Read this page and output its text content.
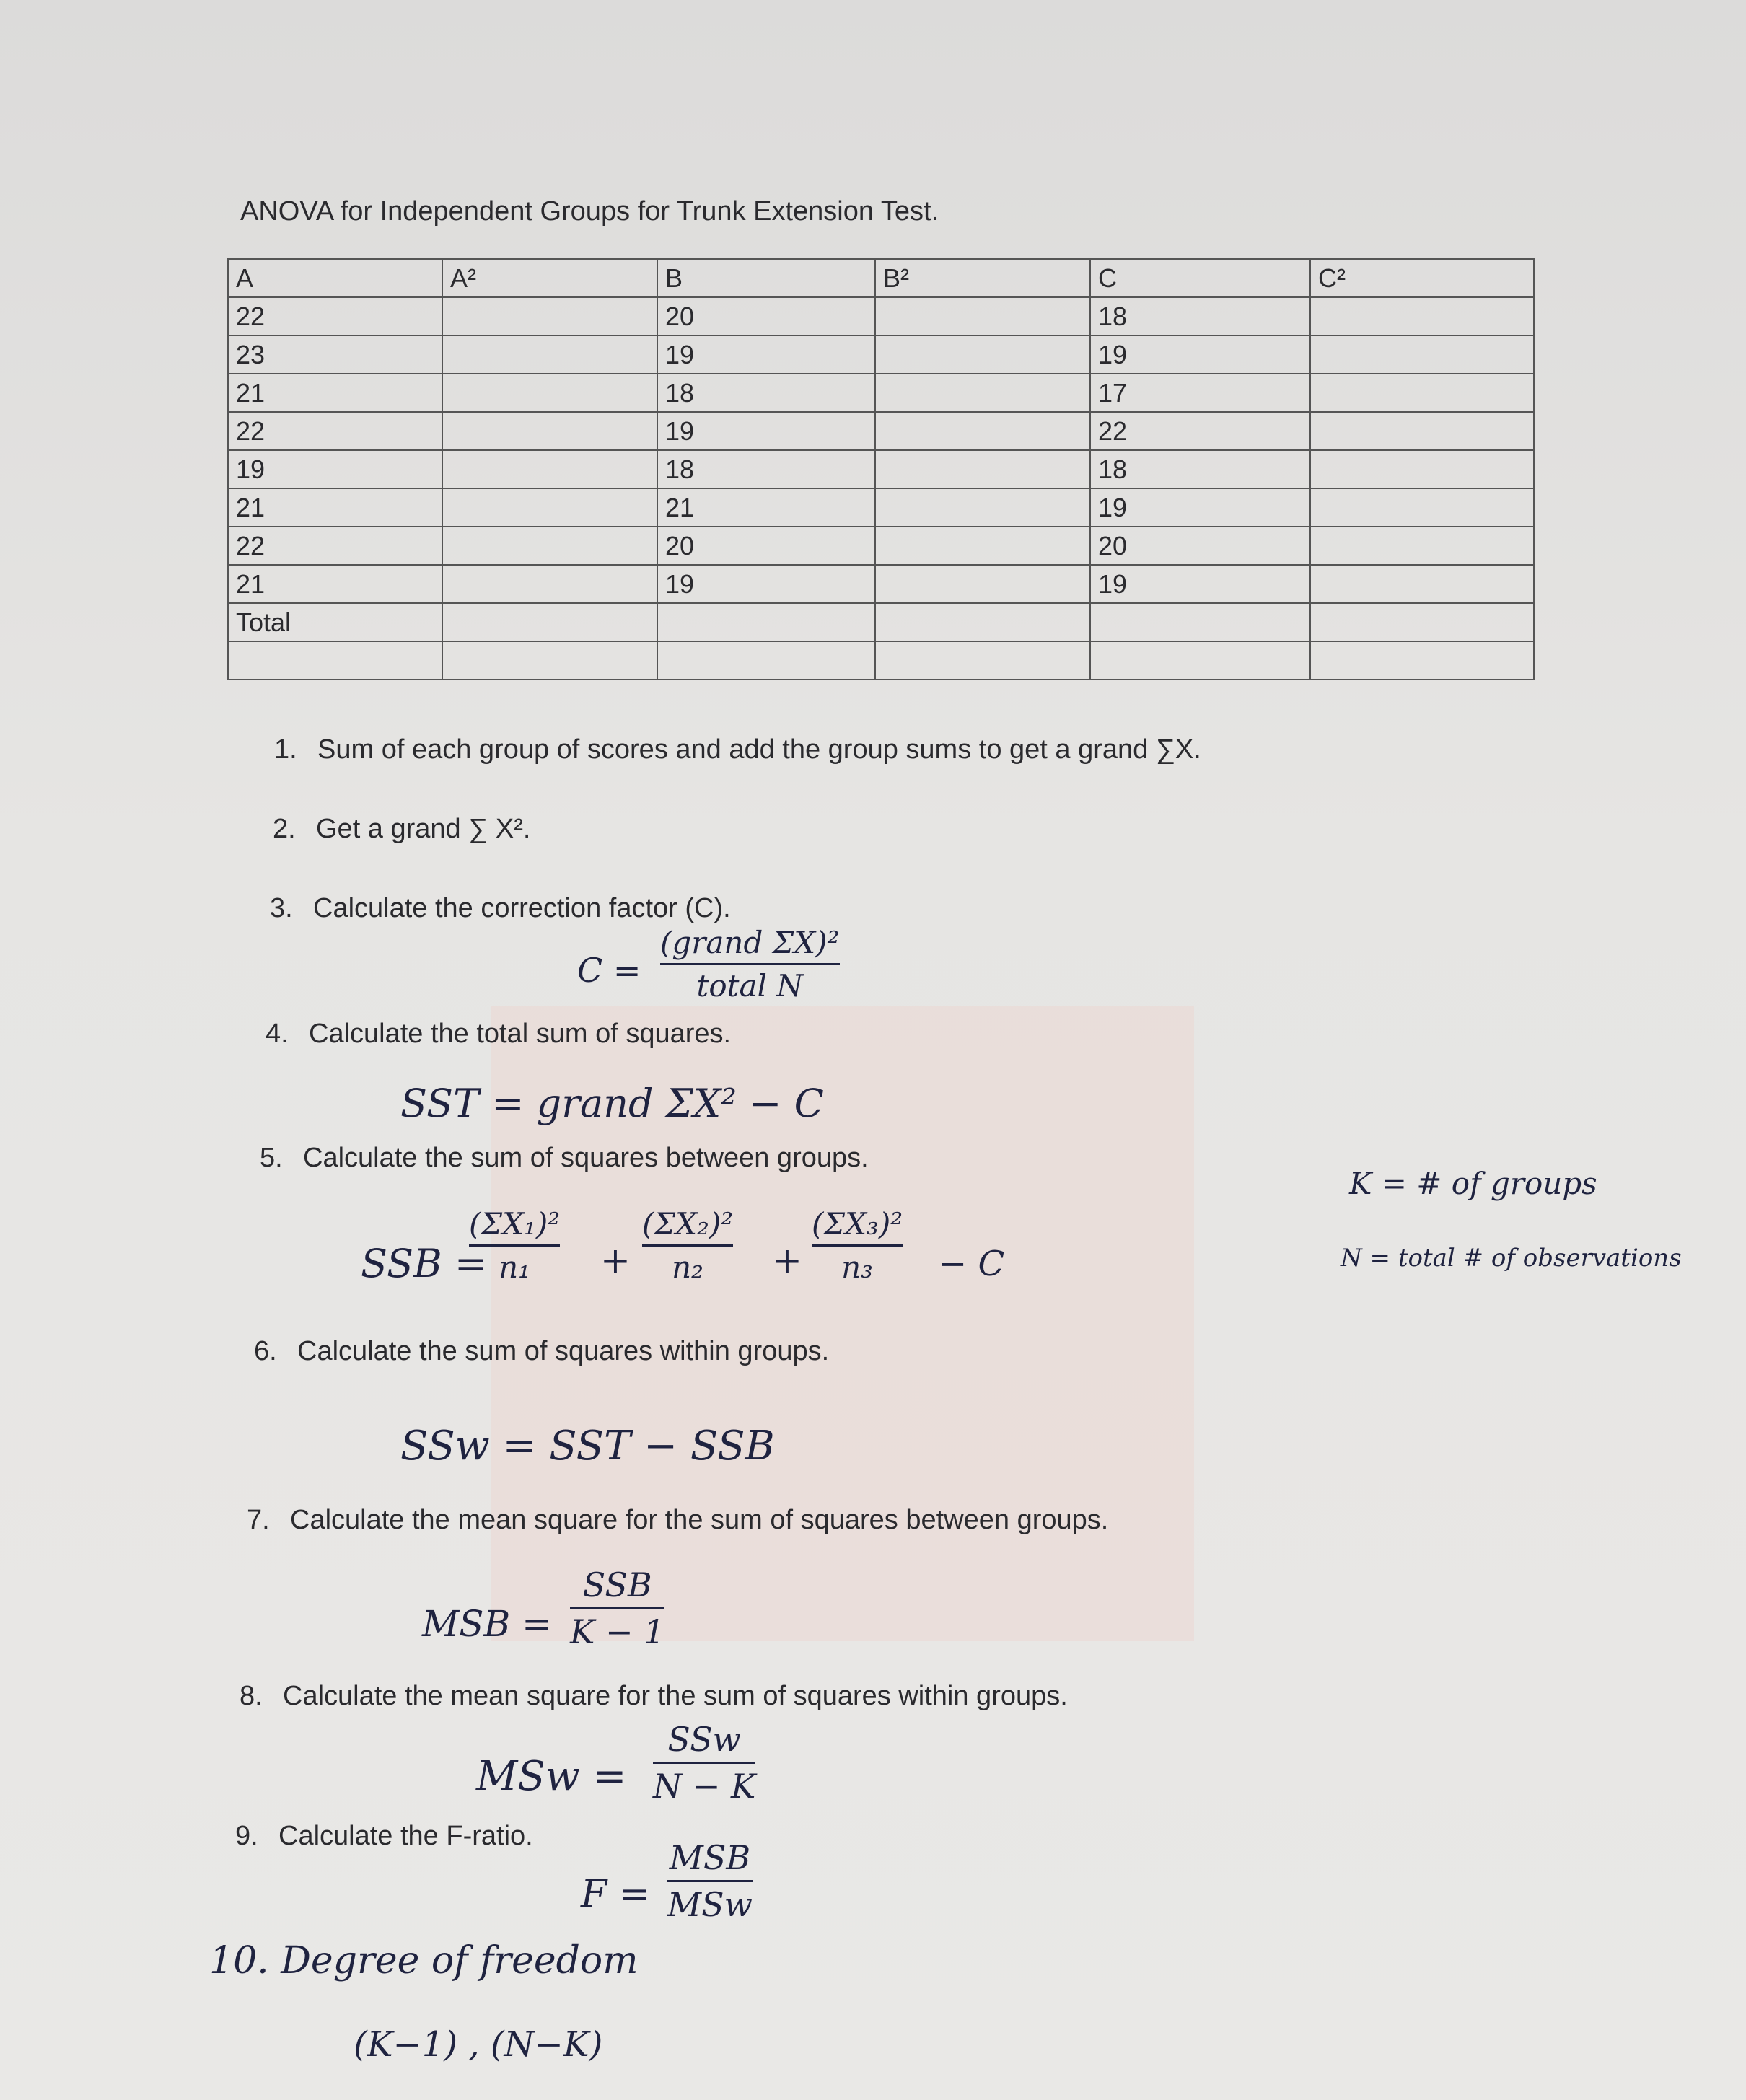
ANOVA for Independent Groups for Trunk Extension Test.
A	A²	B	B²	C	C²
22		20		18	
23		19		19	
21		18		17	
22		19		22	
19		18		18	
21		21		19	
22		20		20	
21		19		19	
Total					

1. Sum of each group of scores and add the group sums to get a grand ∑X.
2. Get a grand ∑ X².
3. Calculate the correction factor (C).
4. Calculate the total sum of squares.
5. Calculate the sum of squares between groups.
6. Calculate the sum of squares within groups.
7. Calculate the mean square for the sum of squares between groups.
8. Calculate the mean square for the sum of squares within groups.
9. Calculate the F-ratio.
C =
(grand ΣX)²
total N
SST = grand ΣX² − C
SSB =
(ΣX₁)²
n₁	+
(ΣX₂)²
n₂	+
(ΣX₃)²
n₃	− C
K = # of groups
N = total # of observations
SSw = SST − SSB
MSB =
SSB
K − 1
MSw =
SSw
N − K
F =
MSB
MSw
10. Degree of freedom
(K−1) , (N−K)
